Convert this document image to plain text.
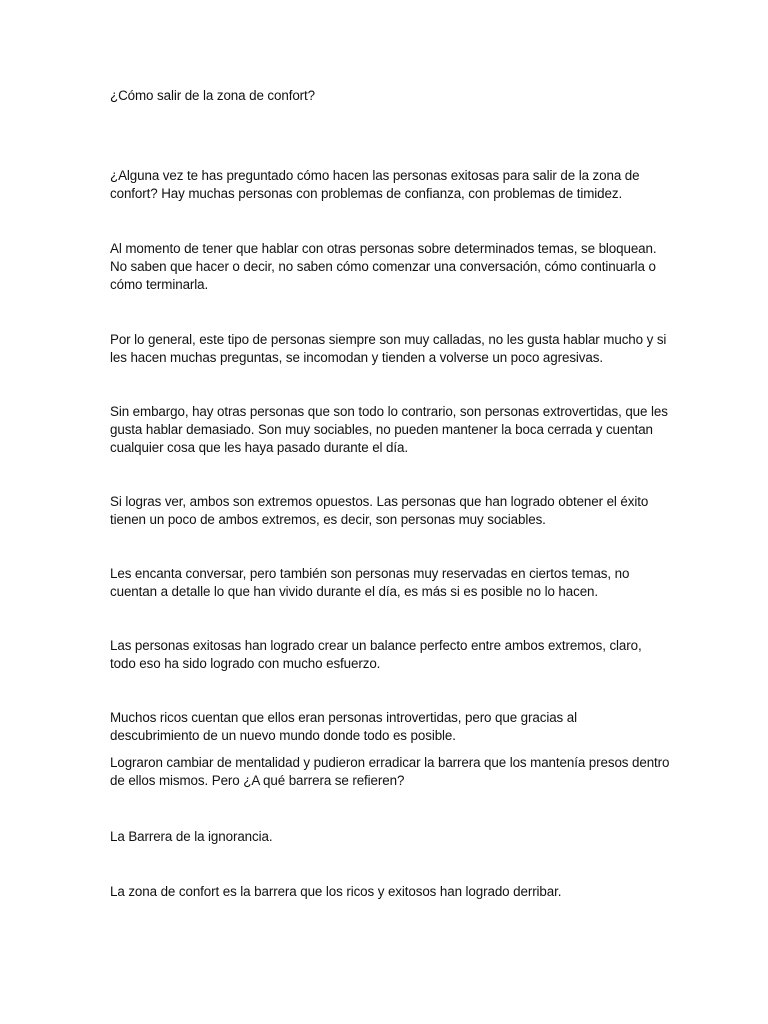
¿Cómo salir de la zona de confort?

¿Alguna vez te has preguntado cómo hacen las personas exitosas para salir de la zona de confort? Hay muchas personas con problemas de confianza, con problemas de timidez.

Al momento de tener que hablar con otras personas sobre determinados temas, se bloquean. No saben que hacer o decir, no saben cómo comenzar una conversación, cómo continuarla o cómo terminarla.

Por lo general, este tipo de personas siempre son muy calladas, no les gusta hablar mucho y si les hacen muchas preguntas, se incomodan y tienden a volverse un poco agresivas.

Sin embargo, hay otras personas que son todo lo contrario, son personas extrovertidas, que les gusta hablar demasiado. Son muy sociables, no pueden mantener la boca cerrada y cuentan cualquier cosa que les haya pasado durante el día.

Si logras ver, ambos son extremos opuestos. Las personas que han logrado obtener el éxito tienen un poco de ambos extremos, es decir, son personas muy sociables.

Les encanta conversar, pero también son personas muy reservadas en ciertos temas, no cuentan a detalle lo que han vivido durante el día, es más si es posible no lo hacen.

Las personas exitosas han logrado crear un balance perfecto entre ambos extremos, claro, todo eso ha sido logrado con mucho esfuerzo.

Muchos ricos cuentan que ellos eran personas introvertidas, pero que gracias al descubrimiento de un nuevo mundo donde todo es posible.

Lograron cambiar de mentalidad y pudieron erradicar la barrera que los mantenía presos dentro de ellos mismos. Pero ¿A qué barrera se refieren?

La Barrera de la ignorancia.

La zona de confort es la barrera que los ricos y exitosos han logrado derribar.
